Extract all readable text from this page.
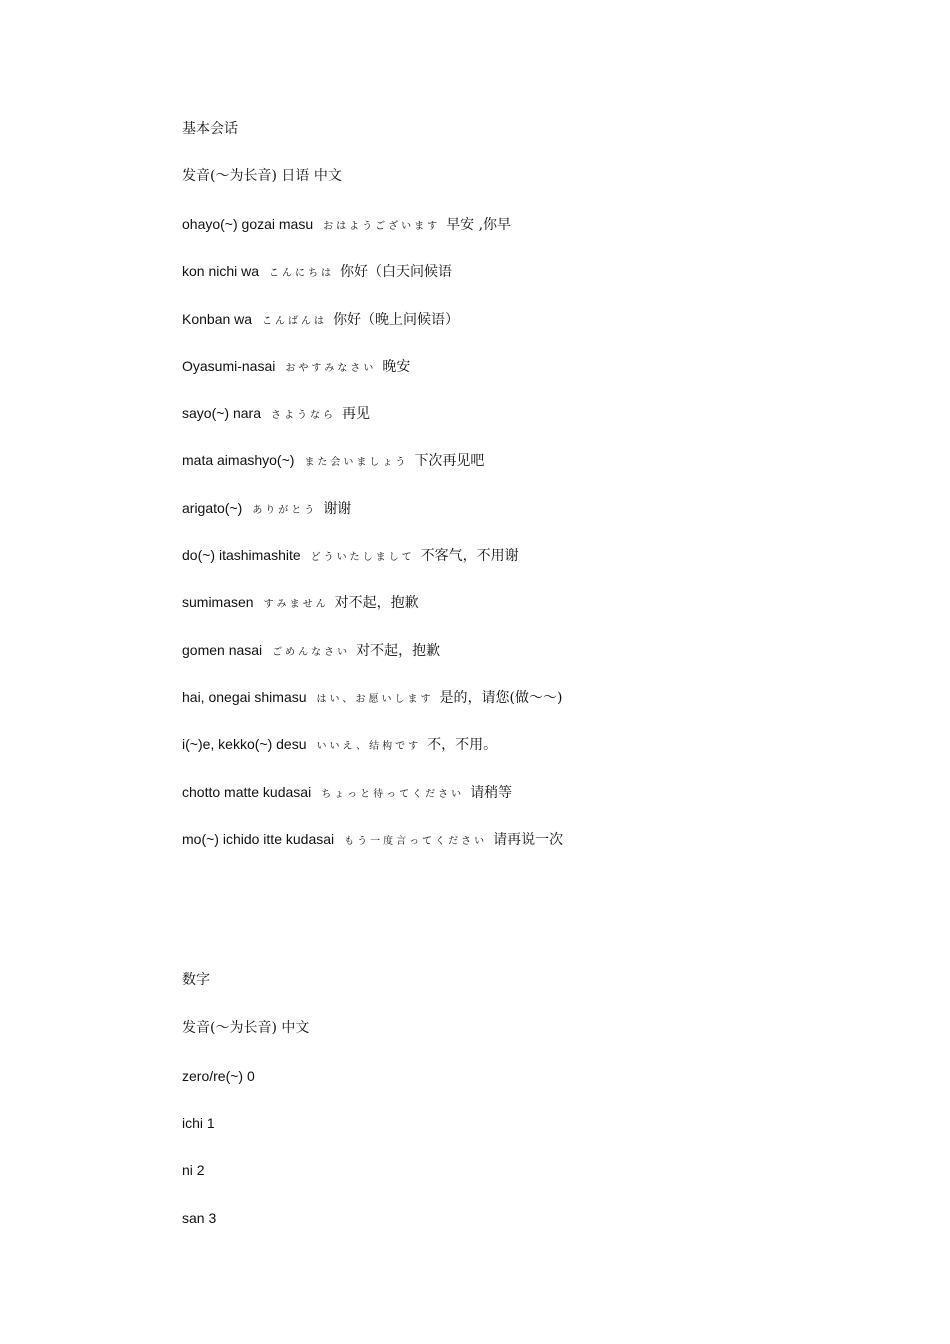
基本会话
发音(～为长音) 日语 中文
ohayo(~) gozai masu おはようございます 早安 ,你早
kon nichi wa こんにちは 你好（白天问候语
Konban wa こんばんは 你好（晚上问候语）
Oyasumi-nasai おやすみなさい 晚安
sayo(~) nara さようなら 再见
mata aimashyo(~) また会いましょう 下次再见吧
arigato(~) ありがとう 谢谢
do(~) itashimashite どういたしまして 不客气，不用谢
sumimasen すみません 对不起，抱歉
gomen nasai ごめんなさい 对不起，抱歉
hai, onegai shimasu はい、お愿いします 是的，请您(做～～)
i(~)e, kekko(~) desu いいえ、结构です 不，不用。
chotto matte kudasai ちょっと待ってください 请稍等
mo(~) ichido itte kudasai もう一度言ってください 请再说一次
数字
发音(～为长音) 中文
zero/re(~) 0
ichi 1
ni 2
san 3
